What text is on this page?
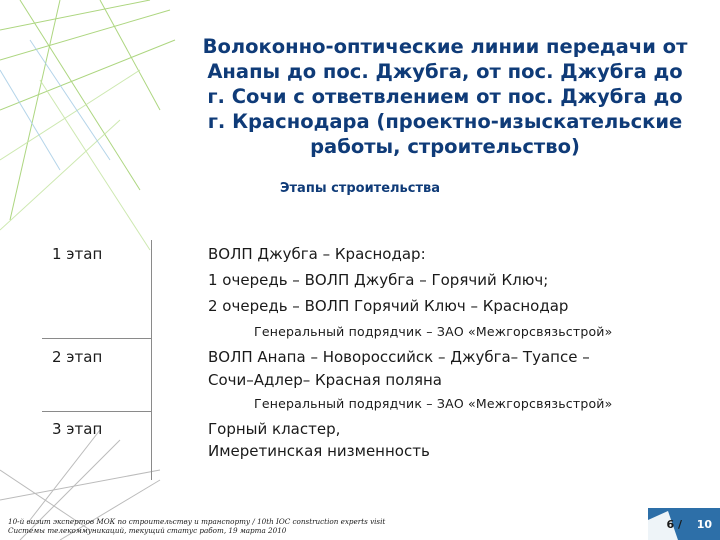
Волоконно-оптические линии передачи от
Анапы до пос. Джубга, от пос. Джубга до
г. Сочи с ответвлением от пос. Джубга до
г. Краснодара (проектно-изыскательские
работы, строительство)
Этапы строительства
1 этап	ВОЛП Джубга – Краснодар:
1 очередь – ВОЛП Джубга – Горячий Ключ;
2 очередь – ВОЛП Горячий Ключ – Краснодар
Генеральный подрядчик – ЗАО «Межгорсвязьстрой»
2 этап	ВОЛП Анапа – Новороссийск – Джубга– Туапсе –
Сочи–Адлер– Красная поляна
Генеральный подрядчик – ЗАО «Межгорсвязьстрой»
3 этап	Горный кластер,
Имеретинская низменность
10-й визит экспертов МОК по строительству и транспорту / 10th IOC construction experts visit
Системы телекоммуникаций, текущий статус работ, 19 марта 2010	6 / 10
